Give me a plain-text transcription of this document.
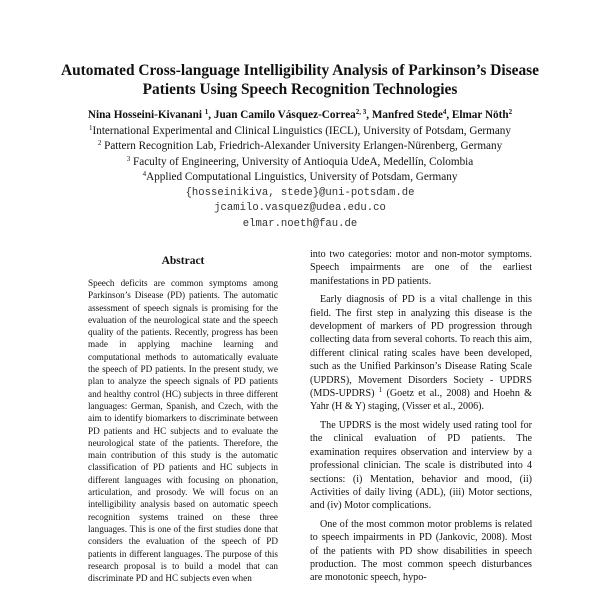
Automated Cross-language Intelligibility Analysis of Parkinson’s Disease Patients Using Speech Recognition Technologies
Nina Hosseini-Kivanani $^1$, Juan Camilo Vásquez-Correa$^{2, 3}$, Manfred Stede$^4$, Elmar Nöth$^2$
$^1$International Experimental and Clinical Linguistics (IECL), University of Potsdam, Germany
$^2$ Pattern Recognition Lab, Friedrich-Alexander University Erlangen-Nürenberg, Germany
$^3$ Faculty of Engineering, University of Antioquia UdeA, Medellín, Colombia
$^4$Applied Computational Linguistics, University of Potsdam, Germany
{hosseinikiva, stede}@uni-potsdam.de
jcamilo.vasquez@udea.edu.co
elmar.noeth@fau.de
Abstract

Speech deficits are common symptoms among Parkinson’s Disease (PD) patients. The automatic assessment of speech signals is promising for the evaluation of the neurological state and the speech quality of the patients. Recently, progress has been made in applying machine learning and computational methods to automatically evaluate the speech of PD patients. In the present study, we plan to analyze the speech signals of PD patients and healthy control (HC) subjects in three different languages: German, Spanish, and Czech, with the aim to identify biomarkers to discriminate between PD patients and HC subjects and to evaluate the neurological state of the patients. Therefore, the main contribution of this study is the automatic classification of PD patients and HC subjects in different languages with focusing on phonation, articulation, and prosody. We will focus on an intelligibility analysis based on automatic speech recognition systems trained on these three languages. This is one of the first studies done that considers the evaluation of the speech of PD patients in different languages. The purpose of this research proposal is to build a model that can discriminate PD and HC subjects even when

into two categories: motor and non-motor symptoms. Speech impairments are one of the earliest manifestations in PD patients.

Early diagnosis of PD is a vital challenge in this field. The first step in analyzing this disease is the development of markers of PD progression through collecting data from several cohorts. To reach this aim, different clinical rating scales have been developed, such as the Unified Parkinson’s Disease Rating Scale (UPDRS), Movement Disorders Society - UPDRS (MDS-UPDRS) $^1$ (Goetz et al., 2008) and Hoehn & Yahr (H & Y) staging, (Visser et al., 2006).

The UPDRS is the most widely used rating tool for the clinical evaluation of PD patients. The examination requires observation and interview by a professional clinician. The scale is distributed into 4 sections: (i) Mentation, behavior and mood, (ii) Activities of daily living (ADL), (iii) Motor sections, and (iv) Motor complications.

One of the most common motor problems is related to speech impairments in PD (Jankovic, 2008). Most of the patients with PD show disabilities in speech production. The most common speech disturbances are monotonic speech, hypo-
